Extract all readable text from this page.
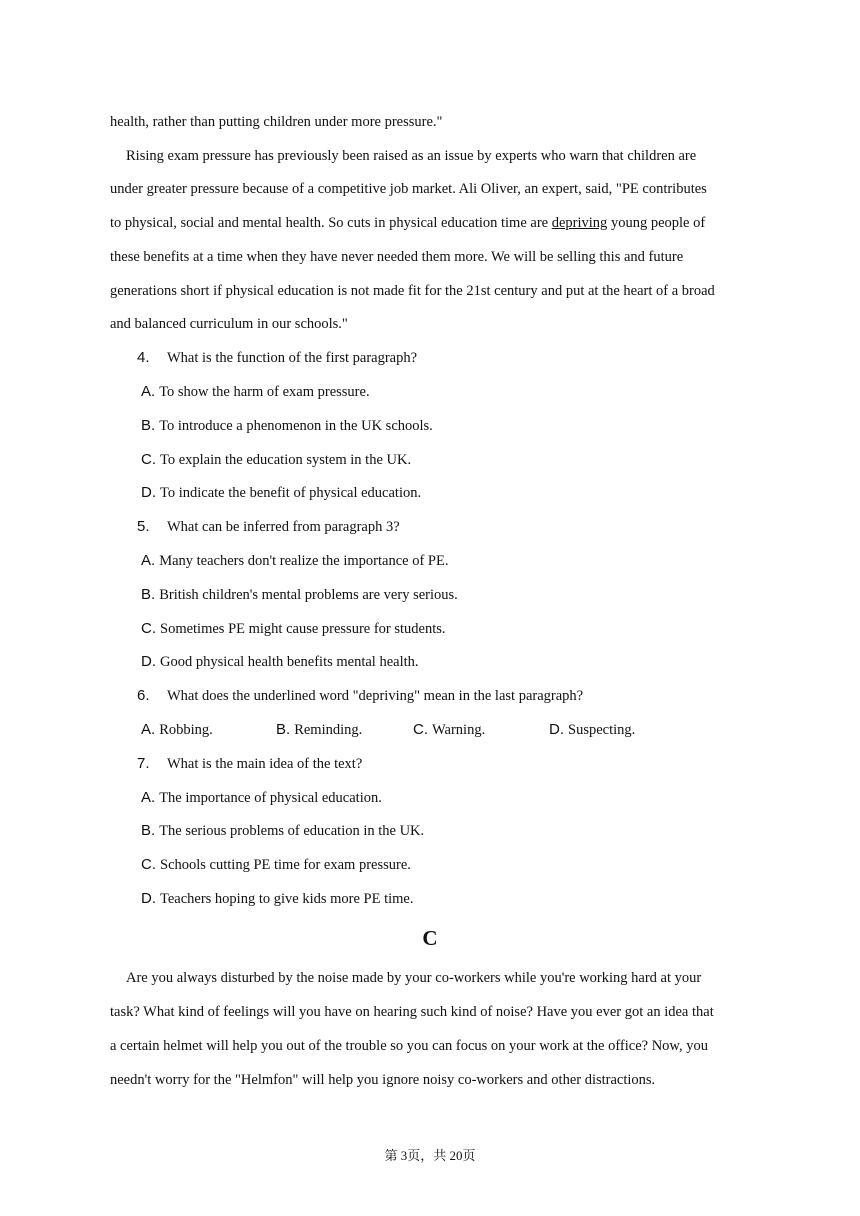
health, rather than putting children under more pressure."
Rising exam pressure has previously been raised as an issue by experts who warn that children are
under greater pressure because of a competitive job market. Ali Oliver, an expert, said, "PE contributes
to physical, social and mental health. So cuts in physical education time are depriving young people of
these benefits at a time when they have never needed them more. We will be selling this and future
generations short if physical education is not made fit for the 21st century and put at the heart of a broad
and balanced curriculum in our schools."
4. What is the function of the first paragraph?
A. To show the harm of exam pressure.
B. To introduce a phenomenon in the UK schools.
C. To explain the education system in the UK.
D. To indicate the benefit of physical education.
5. What can be inferred from paragraph 3?
A. Many teachers don't realize the importance of PE.
B. British children's mental problems are very serious.
C. Sometimes PE might cause pressure for students.
D. Good physical health benefits mental health.
6. What does the underlined word "depriving" mean in the last paragraph?
A. Robbing.	B. Reminding.	C. Warning.	D. Suspecting.
7. What is the main idea of the text?
A. The importance of physical education.
B. The serious problems of education in the UK.
C. Schools cutting PE time for exam pressure.
D. Teachers hoping to give kids more PE time.
C
Are you always disturbed by the noise made by your co-workers while you're working hard at your
task? What kind of feelings will you have on hearing such kind of noise? Have you ever got an idea that
a certain helmet will help you out of the trouble so you can focus on your work at the office? Now, you
needn't worry for the "Helmfon" will help you ignore noisy co-workers and other distractions.
第 3页，共 20页
